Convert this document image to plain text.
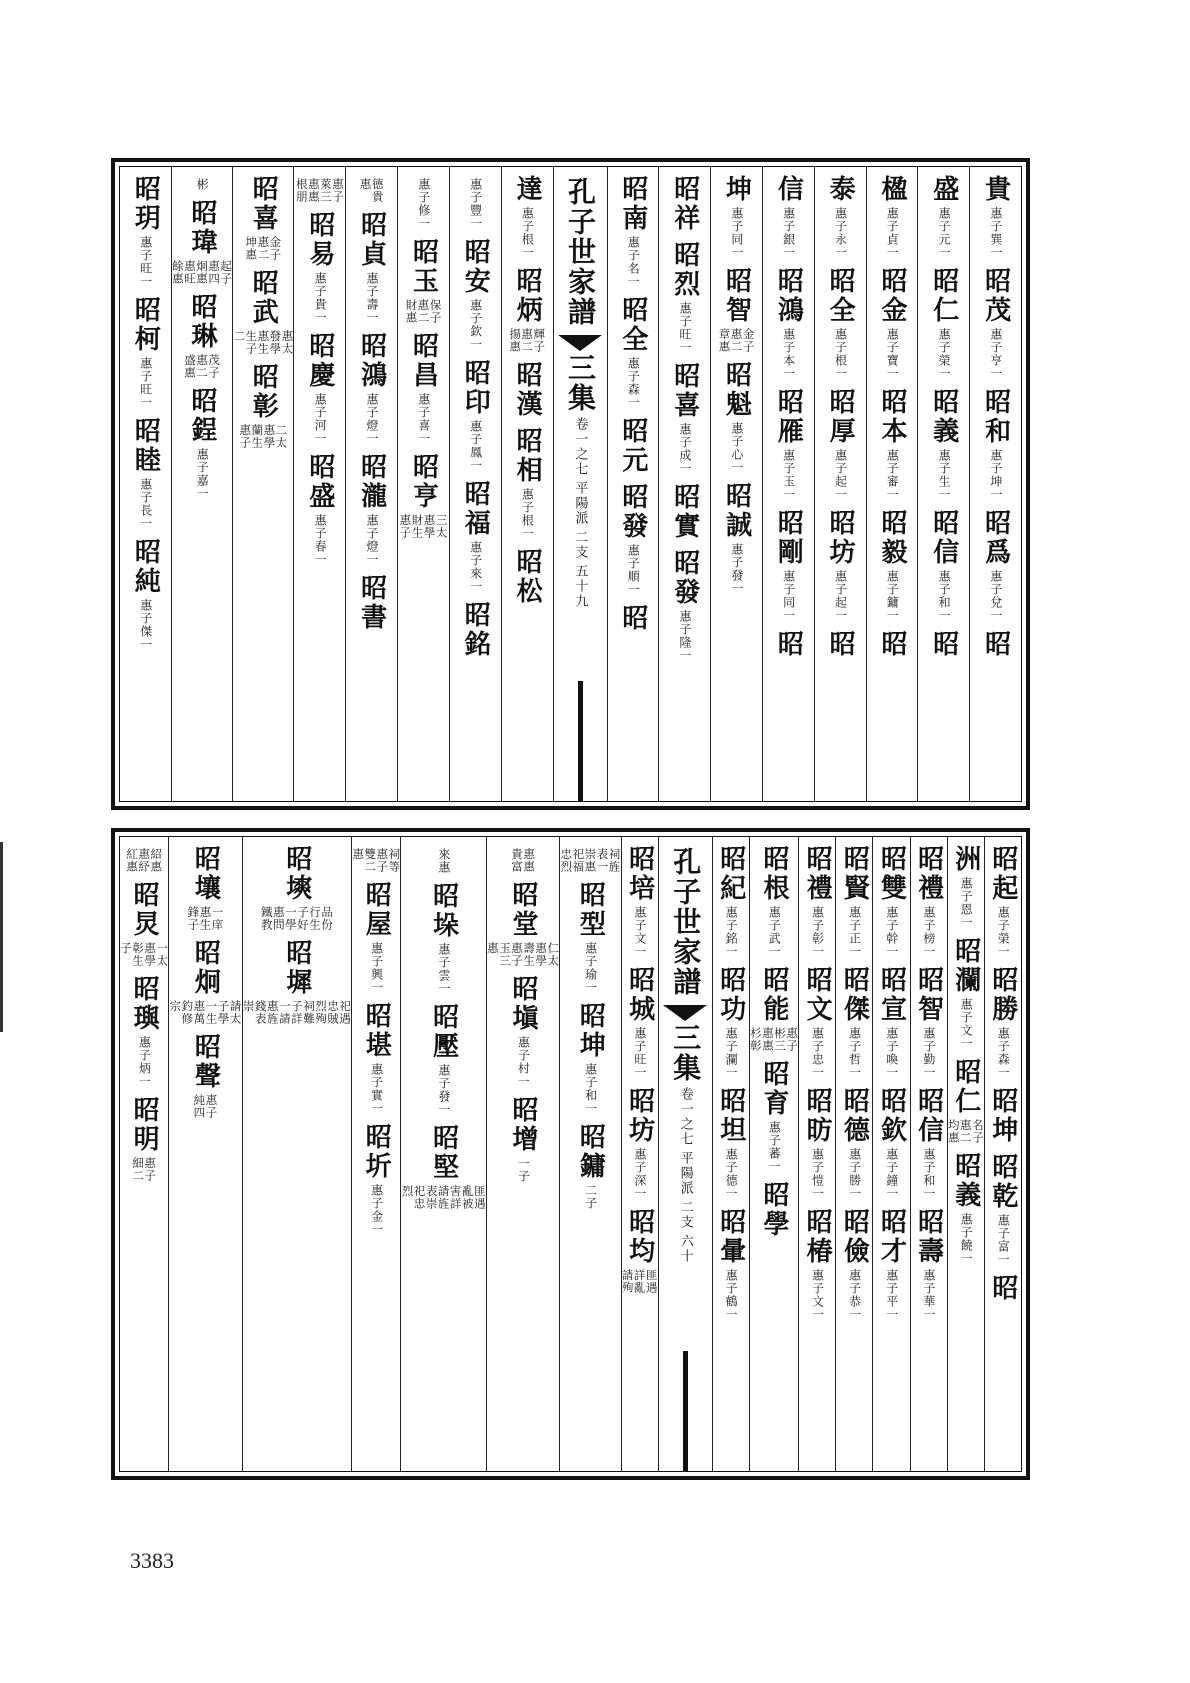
貴
惠子巽一
昭茂
惠子亨一
昭和
惠子坤一
昭爲
惠子兌一
昭
盛
惠子元一
昭仁
惠子榮一
昭義
惠子生一
昭信
惠子和一
昭
楹
惠子貞一
昭金
惠子寶一
昭本
惠子審一
昭毅
惠子鏞一
昭
泰
惠子永一
昭全
惠子根一
昭厚
惠子起一
昭坊
惠子起一
昭
信
惠子銀一
昭鴻
惠子本一
昭雁
惠子玉一
昭剛
惠子同一
昭
坤
惠子同一
昭智
金子
惠二
章惠
昭魁
惠子心一
昭誠
惠子發一
昭祥
昭烈
惠子旺一
昭喜
惠子成一
昭實
昭發
惠子隆一
昭南
惠子名一
昭全
惠子森一
昭元
昭發
惠子順一
昭
孔子世家譜
三集
卷一之七
平陽派
二支
五十九
達
惠子根一
昭炳
輝子
惠二
揚惠
昭漢
昭相
惠子根一
昭松
惠子豐一
昭安
惠子欽一
昭印
惠子鳳一
昭福
惠子來一
昭銘
惠子修一
昭玉
保子
惠二
財惠
昭昌
惠子喜一
昭亨
三太
惠學
財生
惠子
德貴
惠
昭貞
惠子壽一
昭鴻
惠子燈一
昭瀧
惠子燈一
昭書
惠子
萊三
惠惠
根朋
昭易
惠子貴一
昭慶
惠子河一
昭盛
惠子春一
昭喜
金子
惠二
坤惠
昭武
惠太
發學
惠生
生子
二
昭彰
二太
惠學
蘭生
惠子
彬
昭瑋
起子
惠四
炯惠
惠旺
餘惠
昭琳
茂子
惠二
盛惠
昭鋥
惠子嘉一
昭玥
惠子旺一
昭柯
惠子旺一
昭睦
惠子長一
昭純
惠子傑一
昭起
惠子榮一
昭勝
惠子森一
昭坤
昭乾
惠子富一
昭
洲
惠子恩一
昭瀾
惠子文一
昭仁
名子
惠二
均惠
昭義
惠子饒一
昭禮
惠子榜一
昭智
惠子勤一
昭信
惠子和一
昭壽
惠子華一
昭雙
惠子幹一
昭宣
惠子喚一
昭欽
惠子鐘一
昭才
惠子平一
昭賢
惠子正一
昭傑
惠子哲一
昭德
惠子勝一
昭儉
惠子恭一
昭禮
惠子彰一
昭文
惠子忠一
昭昉
惠子愷一
昭椿
惠子文一
昭根
惠子武一
昭能
惠子
彬三
惠惠
杉彰
昭育
惠子蕃一
昭學
昭紀
惠子銘一
昭功
惠子瀾一
昭坦
惠子德一
昭暈
惠子鶴一
孔子世家譜
三集
卷一之七
平陽派
二支
六十
昭培
惠子文一
昭城
惠子旺一
昭坊
惠子深一
昭均
匪遇
詳亂
請殉
祠旌
表一
崇惠
祀福
忠烈
昭型
惠子瑜一
昭坤
惠子和一
昭鏞
二子
惠惠
貴富
昭堂
仁太
惠學
壽生
惠子
玉三
惠
昭塡
惠子村一
昭增
一子
來惠
昭垛
惠子雲一
昭壓
惠子發一
昭堅
匪遇
亂被
害詳
請旌
表崇
祀忠
烈
祠等
惠子
雙二
惠
昭屋
惠子興一
昭堪
惠子實一
昭圻
惠子金一
昭塽
品份
行生
子好
一學
惠問
鐵教
昭墀
祀遇
忠賊
烈殉
祠難
子詳
一請
惠旌
錢表
崇
昭壤
一庠
惠生
鋒子
昭炯
請太
子學
一生
惠萬
釣修
宗
昭聲
惠子
純四
紹惠
惠紓
紅惠
昭炅
一太
惠學
彰生
子
昭璵
惠子炳一
昭明
惠子
細二
3383
